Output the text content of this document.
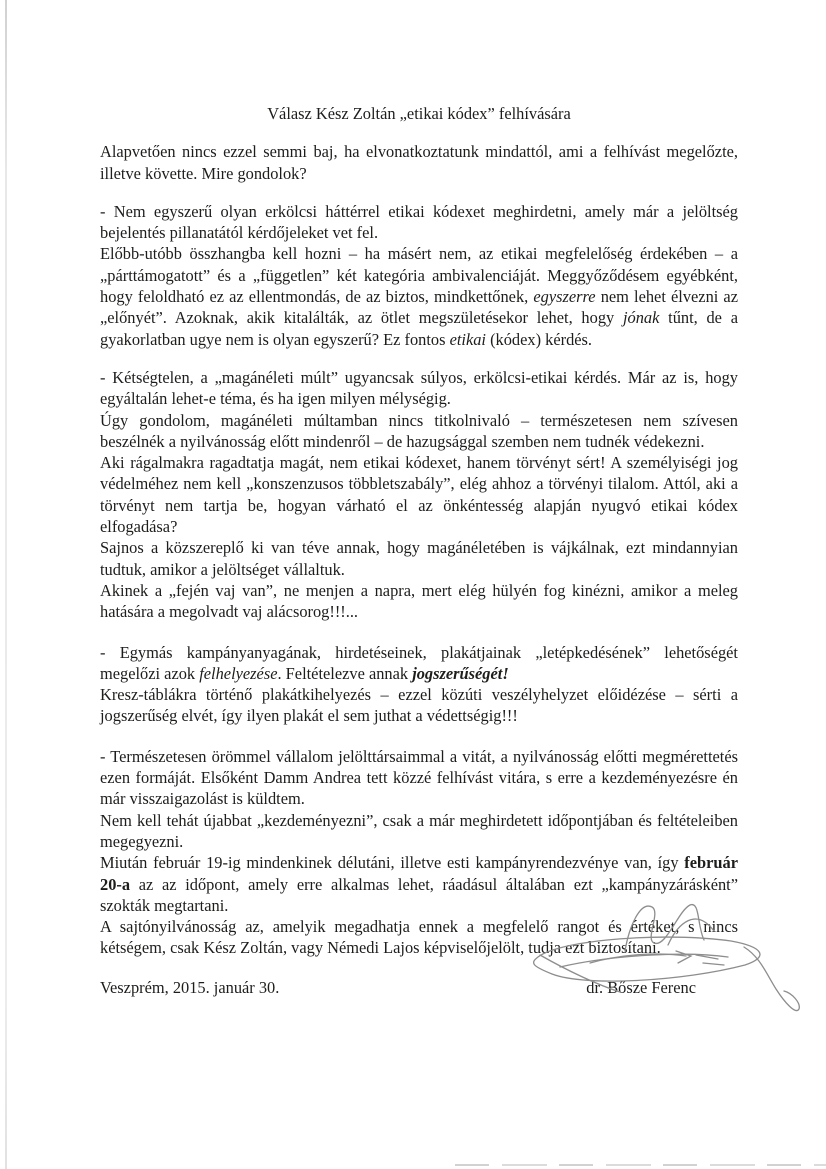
Válasz Kész Zoltán „etikai kódex” felhívására

Alapvetően nincs ezzel semmi baj, ha elvonatkoztatunk mindattól, ami a felhívást megelőzte, illetve követte. Mire gondolok?

- Nem egyszerű olyan erkölcsi háttérrel etikai kódexet meghirdetni, amely már a jelöltség bejelentés pillanatától kérdőjeleket vet fel.

Előbb-utóbb összhangba kell hozni – ha másért nem, az etikai megfelelőség érdekében – a „párttámogatott” és a „független” két kategória ambivalenciáját. Meggyőződésem egyébként, hogy feloldható ez az ellentmondás, de az biztos, mindkettőnek, egyszerre nem lehet élvezni az „előnyét”. Azoknak, akik kitalálták, az ötlet megszületésekor lehet, hogy jónak tűnt, de a gyakorlatban ugye nem is olyan egyszerű? Ez fontos etikai (kódex) kérdés.

- Kétségtelen, a „magánéleti múlt” ugyancsak súlyos, erkölcsi-etikai kérdés. Már az is, hogy egyáltalán lehet-e téma, és ha igen milyen mélységig.

Úgy gondolom, magánéleti múltamban nincs titkolnivaló – természetesen nem szívesen beszélnék a nyilvánosság előtt mindenről – de hazugsággal szemben nem tudnék védekezni.

Aki rágalmakra ragadtatja magát, nem etikai kódexet, hanem törvényt sért! A személyiségi jog védelméhez nem kell „konszenzusos többletszabály”, elég ahhoz a törvényi tilalom. Attól, aki a törvényt nem tartja be, hogyan várható el az önkéntesség alapján nyugvó etikai kódex elfogadása?

Sajnos a közszereplő ki van téve annak, hogy magánéletében is vájkálnak, ezt mindannyian tudtuk, amikor a jelöltséget vállaltuk.

Akinek a „fején vaj van”, ne menjen a napra, mert elég hülyén fog kinézni, amikor a meleg hatására a megolvadt vaj alácsorog!!!...

- Egymás kampányanyagának, hirdetéseinek, plakátjainak „letépkedésének” lehetőségét megelőzi azok felhelyezése. Feltételezve annak jogszerűségét!

Kresz-táblákra történő plakátkihelyezés – ezzel közúti veszélyhelyzet előidézése – sérti a jogszerűség elvét, így ilyen plakát el sem juthat a védettségig!!!

- Természetesen örömmel vállalom jelölttársaimmal a vitát, a nyilvánosság előtti megmérettetés ezen formáját. Elsőként Damm Andrea tett közzé felhívást vitára, s erre a kezdeményezésre én már visszaigazolást is küldtem.

Nem kell tehát újabbat „kezdeményezni”, csak a már meghirdetett időpontjában és feltételeiben megegyezni.

Miután február 19-ig mindenkinek délutáni, illetve esti kampányrendezvénye van, így február 20-a az az időpont, amely erre alkalmas lehet, ráadásul általában ezt „kampányzárásként” szokták megtartani.

A sajtónyilvánosság az, amelyik megadhatja ennek a megfelelő rangot és értéket, s nincs kétségem, csak Kész Zoltán, vagy Némedi Lajos képviselőjelölt, tudja ezt biztosítani.

Veszprém, 2015. január 30.	dr. Bősze Ferenc
